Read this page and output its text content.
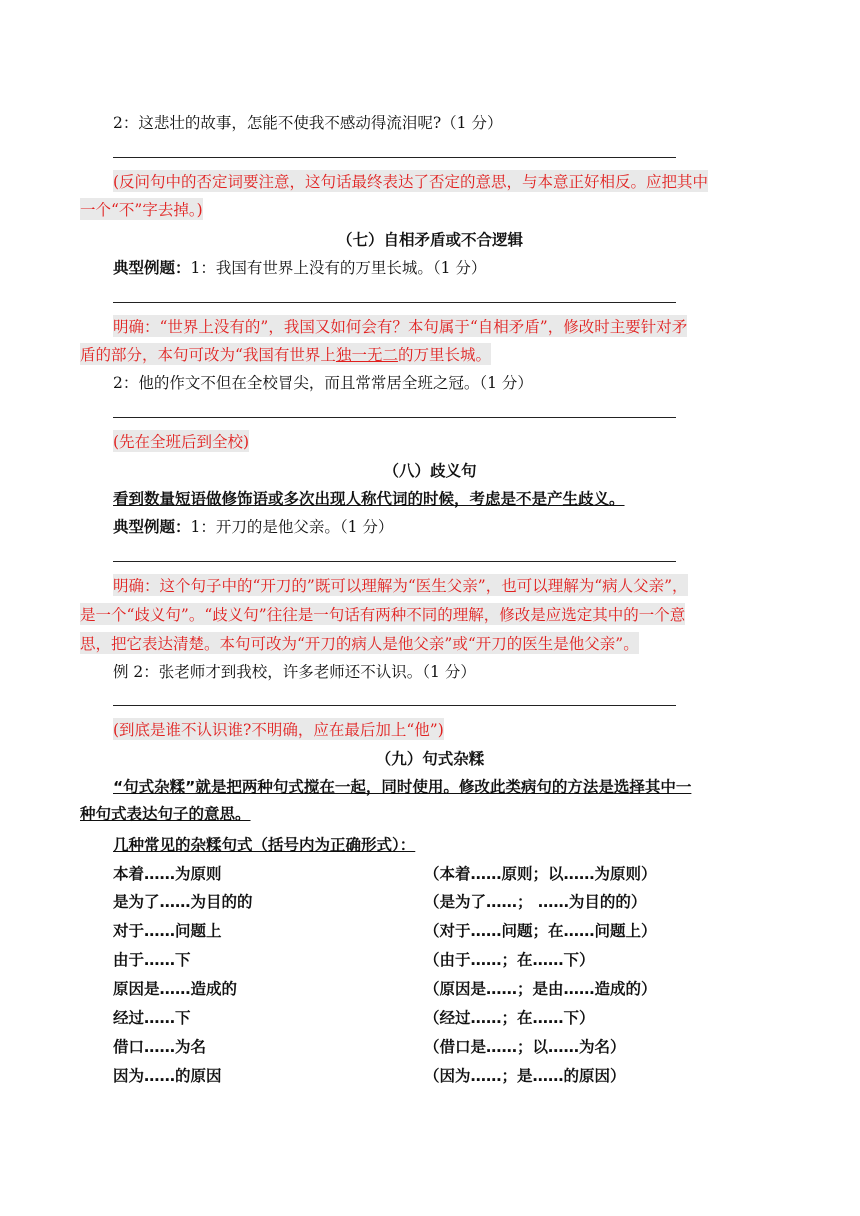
2：这悲壮的故事，怎能不使我不感动得流泪呢?（1 分）
(反问句中的否定词要注意，这句话最终表达了否定的意思，与本意正好相反。应把其中
一个“不”字去掉。)
（七）自相矛盾或不合逻辑
典型例题：1：我国有世界上没有的万里长城。（1 分）
明确：“世界上没有的”，我国又如何会有？本句属于“自相矛盾”，修改时主要针对矛
盾的部分，本句可改为“我国有世界上独一无二的万里长城。
2：他的作文不但在全校冒尖，而且常常居全班之冠。（1 分）
(先在全班后到全校)
（八）歧义句
看到数量短语做修饰语或多次出现人称代词的时候，考虑是不是产生歧义。
典型例题：1：开刀的是他父亲。（1 分）
明确：这个句子中的“开刀的”既可以理解为“医生父亲”，也可以理解为“病人父亲”，
是一个“歧义句”。“歧义句”往往是一句话有两种不同的理解，修改是应选定其中的一个意
思，把它表达清楚。本句可改为“开刀的病人是他父亲”或“开刀的医生是他父亲”。
例 2：张老师才到我校，许多老师还不认识。（1 分）
(到底是谁不认识谁?不明确，应在最后加上“他”)
（九）句式杂糅
“句式杂糅”就是把两种句式搅在一起，同时使用。修改此类病句的方法是选择其中一
种句式表达句子的意思。
几种常见的杂糅句式（括号内为正确形式）：
本着……为原则	（本着……原则；以……为原则）
是为了……为目的的	（是为了……； ……为目的的）
对于……问题上	（对于……问题；在……问题上）
由于……下	（由于……；在……下）
原因是……造成的	（原因是……；是由……造成的）
经过……下	（经过……；在……下）
借口……为名	（借口是……；以……为名）
因为……的原因	（因为……；是……的原因）
